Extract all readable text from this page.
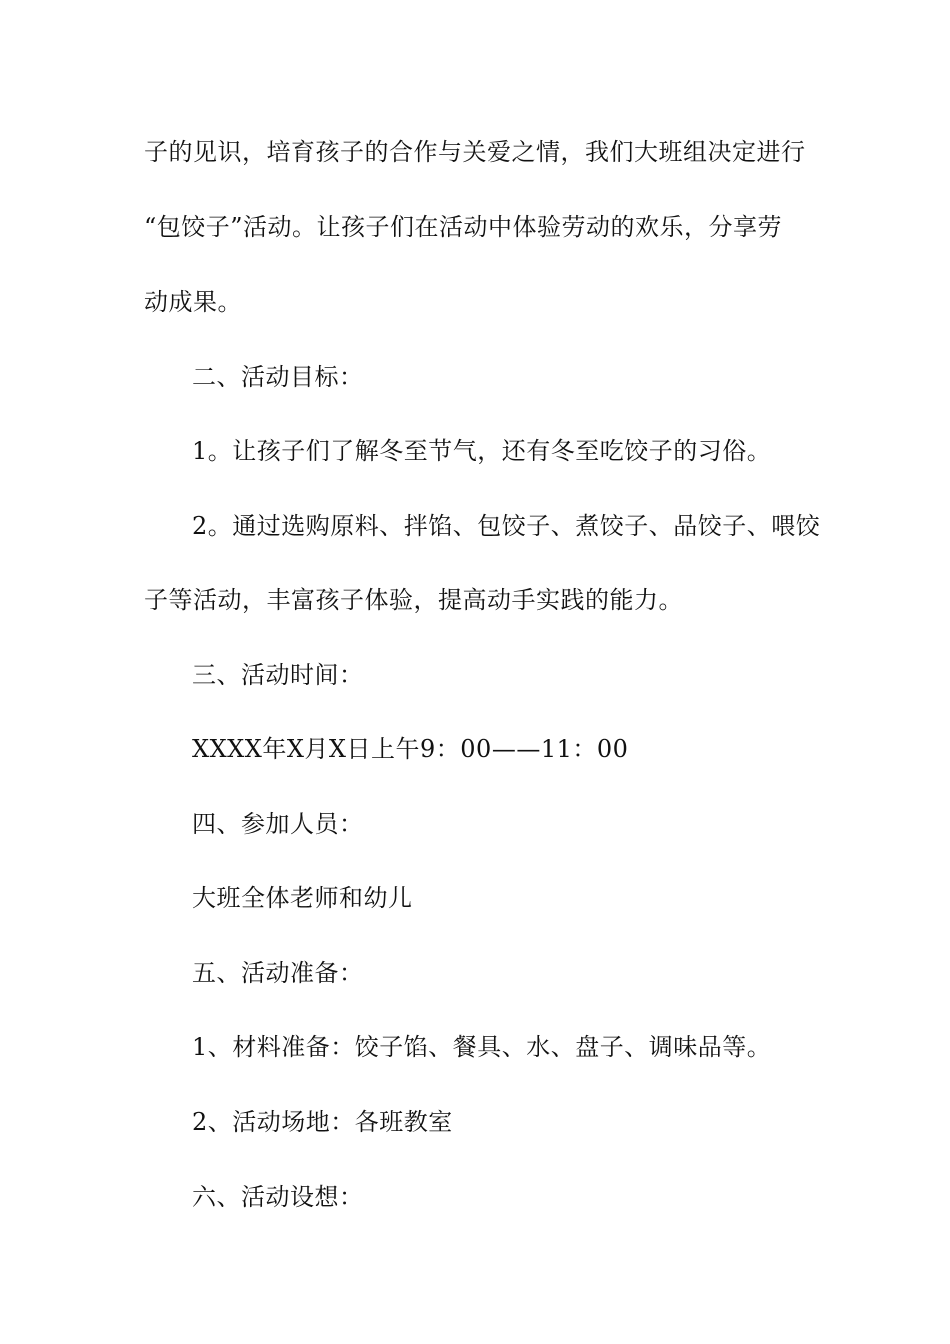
子的见识，培育孩子的合作与关爱之情，我们大班组决定进行
“包饺子”活动。让孩子们在活动中体验劳动的欢乐，分享劳
动成果。
二、活动目标：
1。让孩子们了解冬至节气，还有冬至吃饺子的习俗。
2。通过选购原料、拌馅、包饺子、煮饺子、品饺子、喂饺
子等活动，丰富孩子体验，提高动手实践的能力。
三、活动时间：
XXXX年X月X日上午9：00——11：00
四、参加人员：
大班全体老师和幼儿
五、活动准备：
1、材料准备：饺子馅、餐具、水、盘子、调味品等。
2、活动场地：各班教室
六、活动设想：
